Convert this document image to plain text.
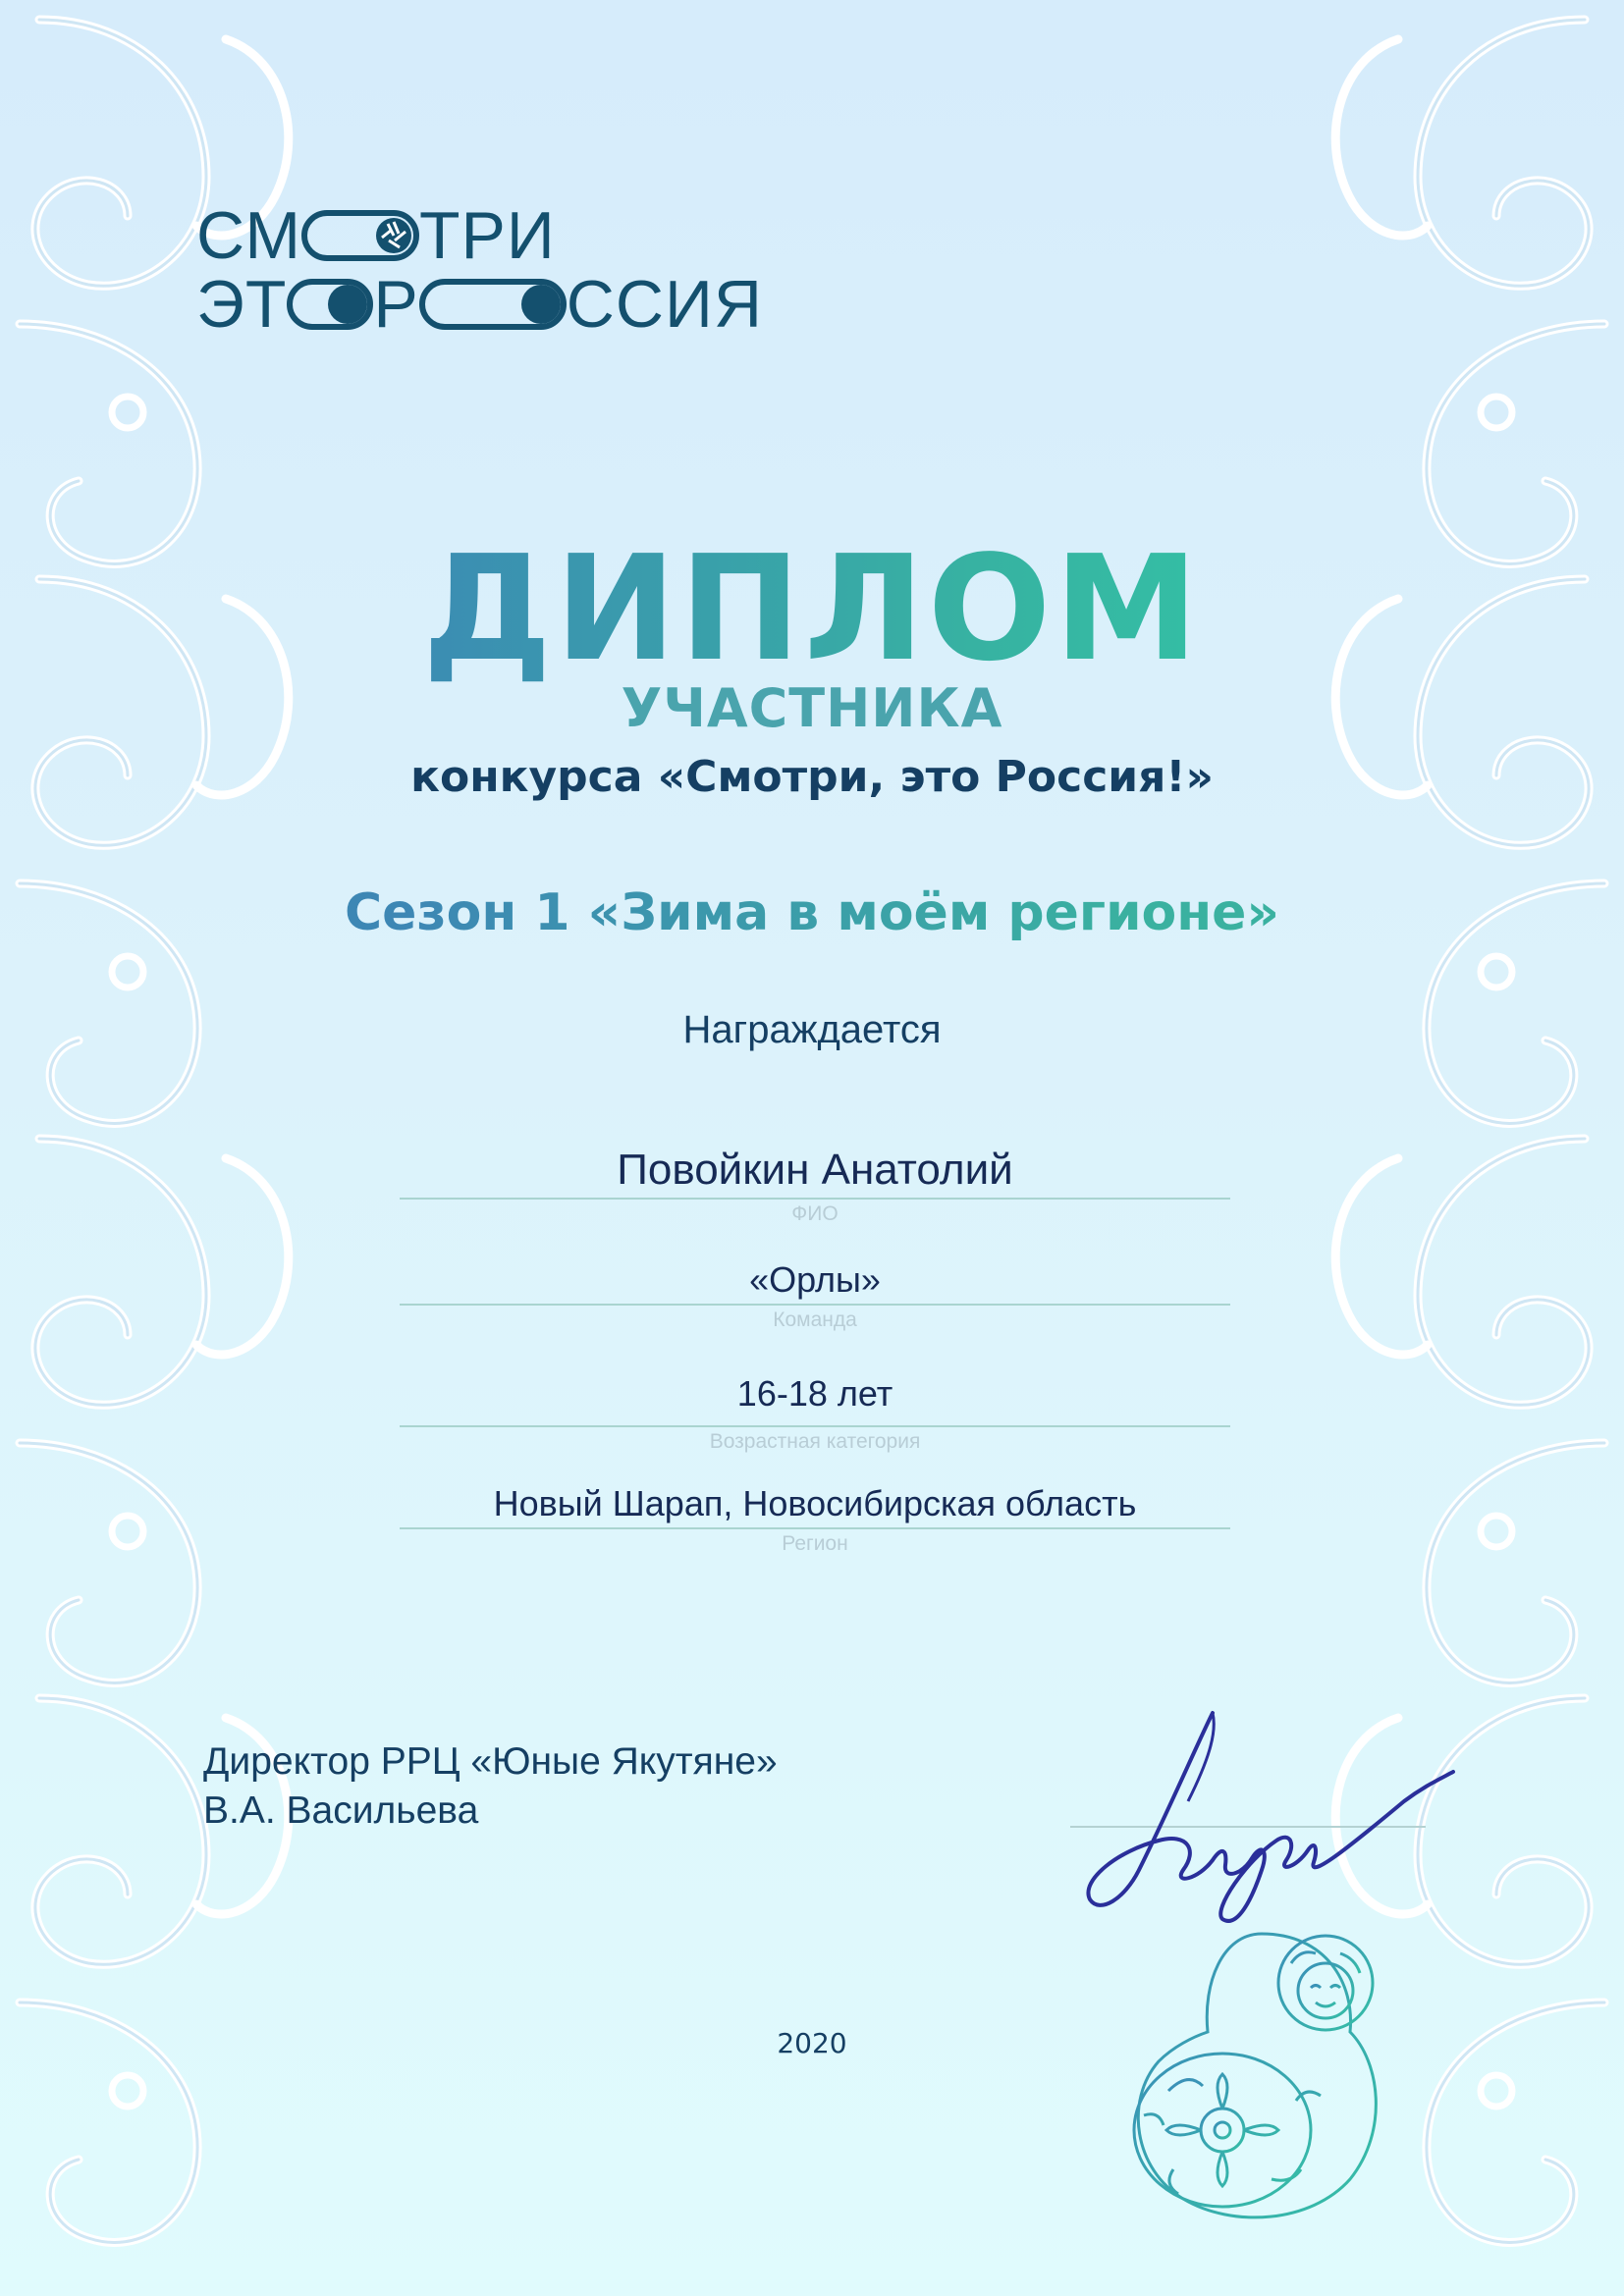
СМ ТРИ
ЭТ Р ССИЯ
ДИПЛОМ
УЧАСТНИКА
конкурса «Смотри, это Россия!»
Сезон 1 «Зима в моём регионе»
Награждается
Повойкин Анатолий
ФИО
«Орлы»
Команда
16-18 лет
Возрастная категория
Новый Шарап, Новосибирская область
Регион
Директор РРЦ «Юные Якутяне»
В.А. Васильева
2020
